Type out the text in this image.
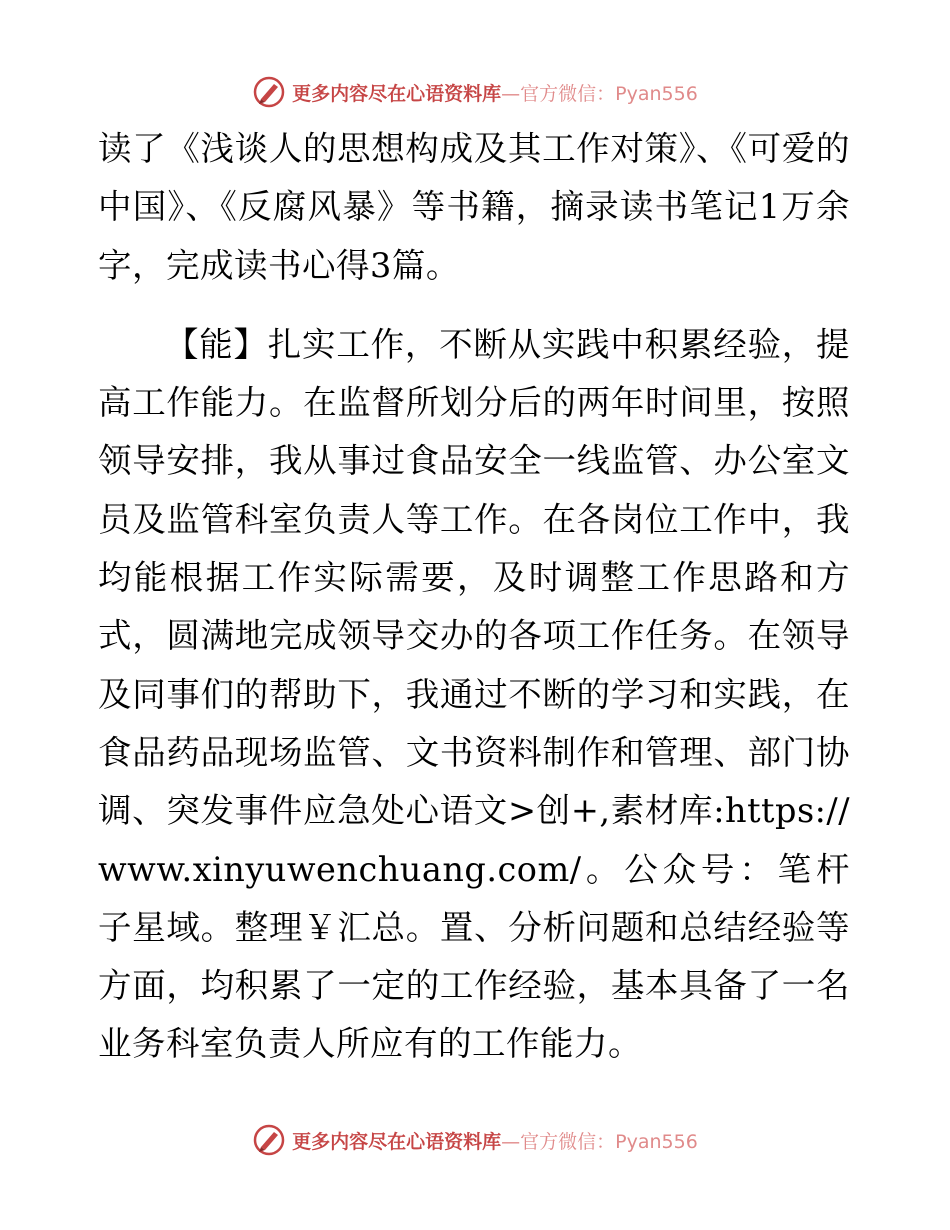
更多内容尽在心语资料库—官方微信：Pyan556

读了《浅谈人的思想构成及其工作对策》、《可爱的中国》、《反腐风暴》等书籍，摘录读书笔记1万余字，完成读书心得3篇。

【能】扎实工作，不断从实践中积累经验，提高工作能力。在监督所划分后的两年时间里，按照领导安排，我从事过食品安全一线监管、办公室文员及监管科室负责人等工作。在各岗位工作中，我均能根据工作实际需要，及时调整工作思路和方式，圆满地完成领导交办的各项工作任务。在领导及同事们的帮助下，我通过不断的学习和实践，在食品药品现场监管、文书资料制作和管理、部门协调、突发事件应急处心语文>创+,素材库:https://www.xinyuwenchuang.com/。公众号：笔杆子星域。整理￥汇总。置、分析问题和总结经验等方面，均积累了一定的工作经验，基本具备了一名业务科室负责人所应有的工作能力。

更多内容尽在心语资料库—官方微信：Pyan556
